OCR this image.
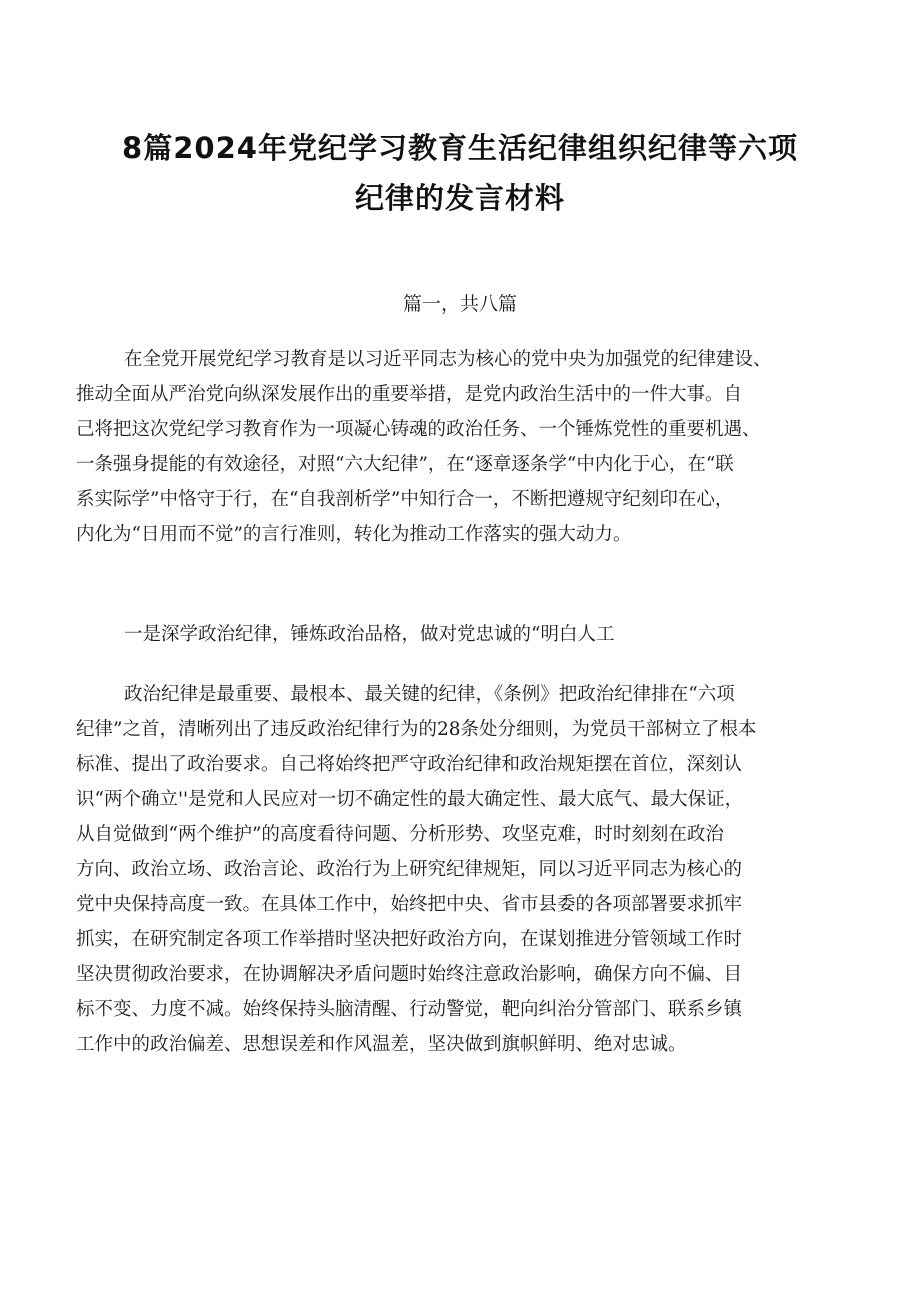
8篇2024年党纪学习教育生活纪律组织纪律等六项
纪律的发言材料
篇一，共八篇
在全党开展党纪学习教育是以习近平同志为核心的党中央为加强党的纪律建设、
推动全面从严治党向纵深发展作出的重要举措，是党内政治生活中的一件大事。自
己将把这次党纪学习教育作为一项凝心铸魂的政治任务、一个锤炼党性的重要机遇、
一条强身提能的有效途径，对照“六大纪律”，在“逐章逐条学“中内化于心，在“联
系实际学”中恪守于行，在“自我剖析学”中知行合一，不断把遵规守纪刻印在心，
内化为“日用而不觉”的言行准则，转化为推动工作落实的强大动力。
一是深学政治纪律，锤炼政治品格，做对党忠诚的“明白人工
政治纪律是最重要、最根本、最关键的纪律，《条例》把政治纪律排在“六项
纪律”之首，清晰列出了违反政治纪律行为的28条处分细则，为党员干部树立了根本
标准、提出了政治要求。自己将始终把严守政治纪律和政治规矩摆在首位，深刻认
识“两个确立''是党和人民应对一切不确定性的最大确定性、最大底气、最大保证，
从自觉做到“两个维护”的高度看待问题、分析形势、攻坚克难，时时刻刻在政治
方向、政治立场、政治言论、政治行为上研究纪律规矩，同以习近平同志为核心的
党中央保持高度一致。在具体工作中，始终把中央、省市县委的各项部署要求抓牢
抓实，在研究制定各项工作举措时坚决把好政治方向，在谋划推进分管领域工作时
坚决贯彻政治要求，在协调解决矛盾问题时始终注意政治影响，确保方向不偏、目
标不变、力度不减。始终保持头脑清醒、行动警觉，靶向纠治分管部门、联系乡镇
工作中的政治偏差、思想误差和作风温差，坚决做到旗帜鲜明、绝对忠诚。
